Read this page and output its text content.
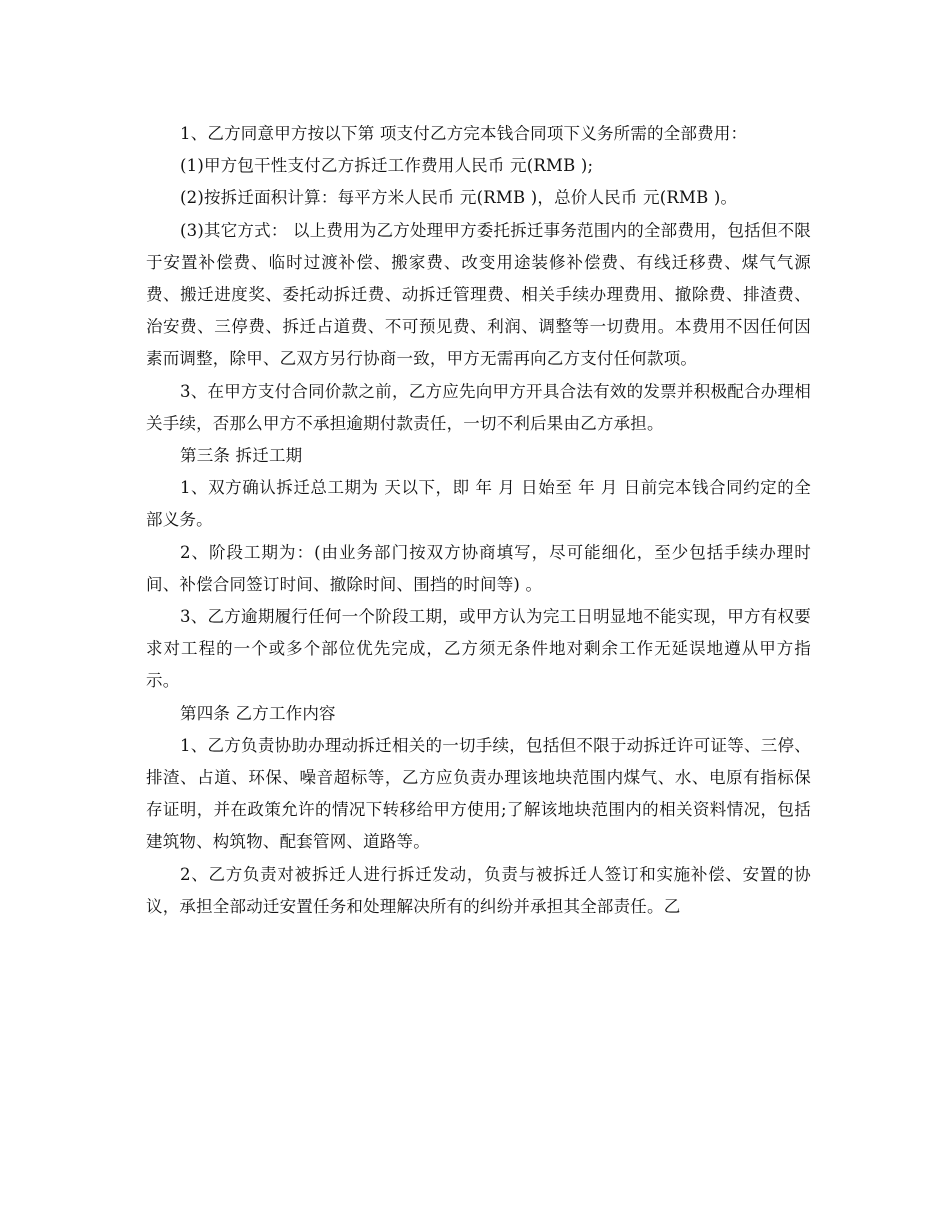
1、乙方同意甲方按以下第 项支付乙方完本钱合同项下义务所需的全部费用：

(1)甲方包干性支付乙方拆迁工作费用人民币 元(RMB );

(2)按拆迁面积计算：每平方米人民币 元(RMB )，总价人民币 元(RMB )。

(3)其它方式： 以上费用为乙方处理甲方委托拆迁事务范围内的全部费用，包括但不限于安置补偿费、临时过渡补偿、搬家费、改变用途装修补偿费、有线迁移费、煤气气源费、搬迁进度奖、委托动拆迁费、动拆迁管理费、相关手续办理费用、撤除费、排渣费、治安费、三停费、拆迁占道费、不可预见费、利润、调整等一切费用。本费用不因任何因素而调整，除甲、乙双方另行协商一致，甲方无需再向乙方支付任何款项。

3、在甲方支付合同价款之前，乙方应先向甲方开具合法有效的发票并积极配合办理相关手续，否那么甲方不承担逾期付款责任，一切不利后果由乙方承担。

第三条 拆迁工期

1、双方确认拆迁总工期为 天以下，即 年 月 日始至 年 月 日前完本钱合同约定的全部义务。

2、阶段工期为：(由业务部门按双方协商填写，尽可能细化，至少包括手续办理时间、补偿合同签订时间、撤除时间、围挡的时间等) 。

3、乙方逾期履行任何一个阶段工期，或甲方认为完工日明显地不能实现，甲方有权要求对工程的一个或多个部位优先完成，乙方须无条件地对剩余工作无延误地遵从甲方指示。

第四条 乙方工作内容

1、乙方负责协助办理动拆迁相关的一切手续，包括但不限于动拆迁许可证等、三停、排渣、占道、环保、噪音超标等，乙方应负责办理该地块范围内煤气、水、电原有指标保存证明，并在政策允许的情况下转移给甲方使用;了解该地块范围内的相关资料情况，包括建筑物、构筑物、配套管网、道路等。

2、乙方负责对被拆迁人进行拆迁发动，负责与被拆迁人签订和实施补偿、安置的协议，承担全部动迁安置任务和处理解决所有的纠纷并承担其全部责任。乙
